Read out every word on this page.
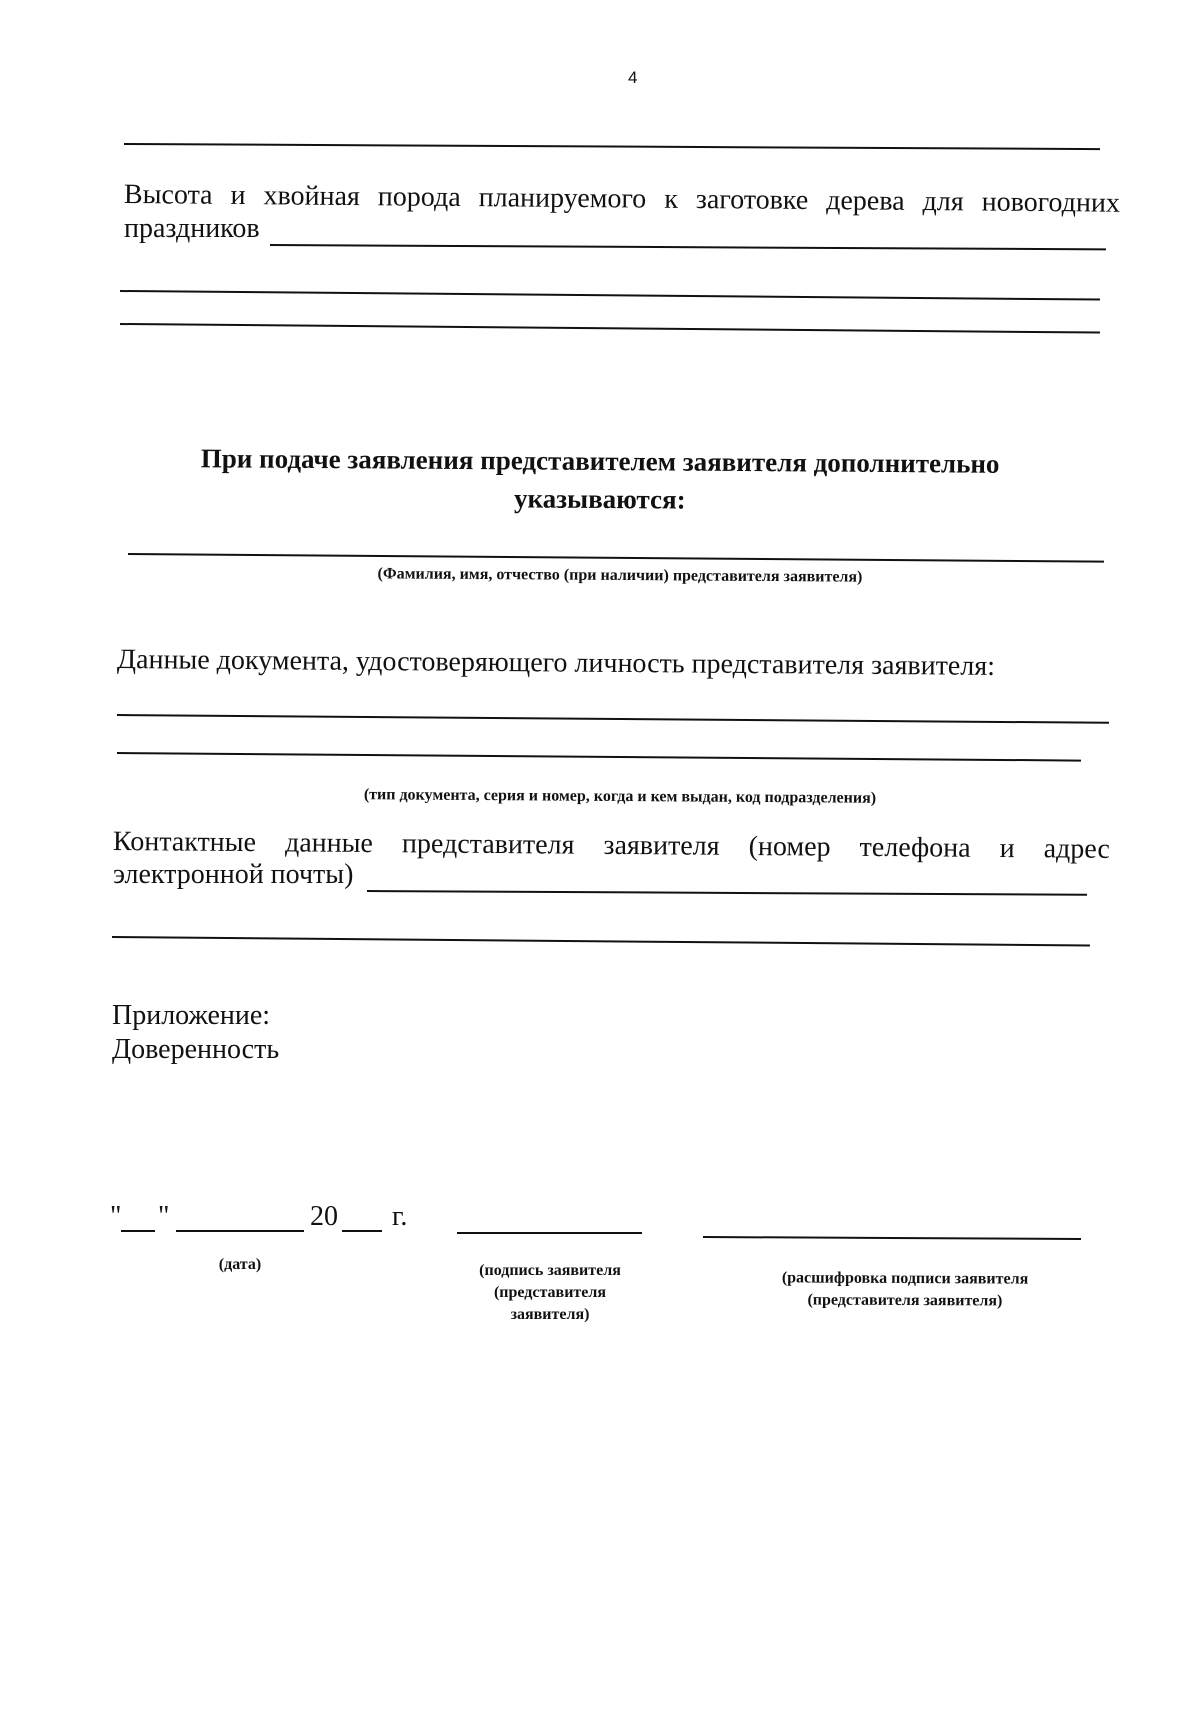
4
Высота и хвойная порода планируемого к заготовке дерева для новогодних
праздников
При подаче заявления представителем заявителя дополнительно
указываются:
(Фамилия, имя, отчество (при наличии) представителя заявителя)
Данные документа, удостоверяющего личность представителя заявителя:
(тип документа, серия и номер, когда и кем выдан, код подразделения)
Контактные данные представителя заявителя (номер телефона и адрес
электронной почты)
Приложение:
Доверенность
" "	20 г.
(дата)	(подпись заявителя
(представителя
заявителя)
(расшифровка подписи заявителя
(представителя заявителя)
